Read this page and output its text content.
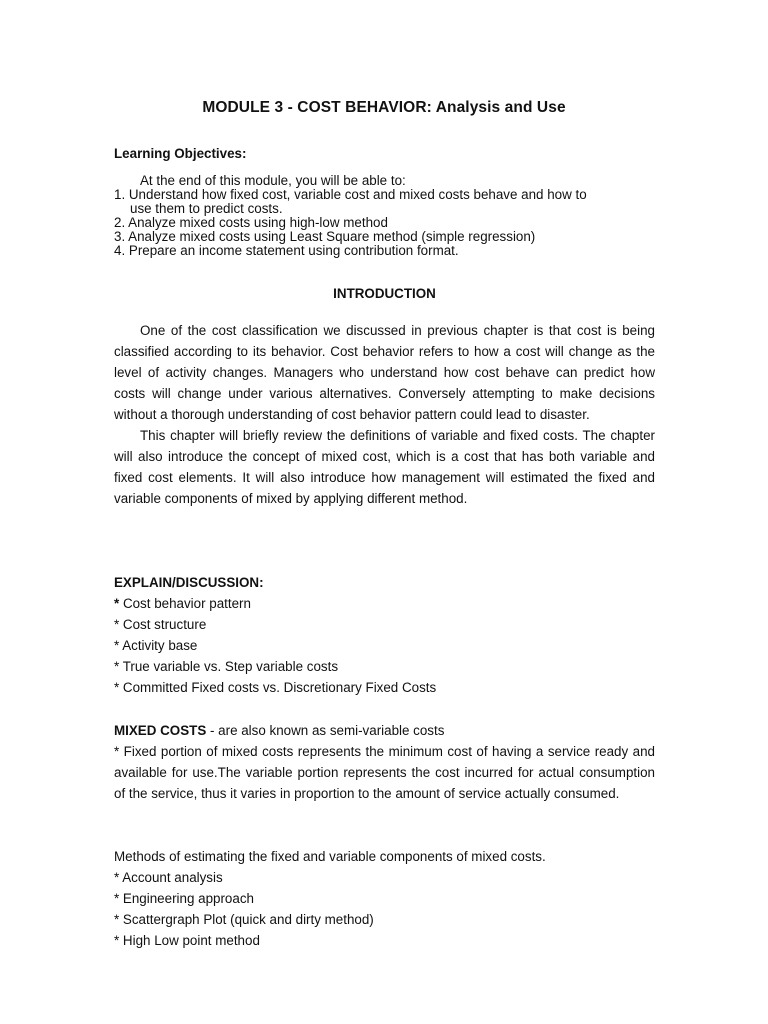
MODULE 3 - COST BEHAVIOR: Analysis and Use
Learning Objectives:
At the end of this module, you will be able to:
1. Understand how fixed cost, variable cost and mixed costs behave and how to
use them to predict costs.
2. Analyze mixed costs using high-low method
3. Analyze mixed costs using Least Square method (simple regression)
4. Prepare an income statement using contribution format.
INTRODUCTION

One of the cost classification we discussed in previous chapter is that cost is being classified according to its behavior. Cost behavior refers to how a cost will change as the level of activity changes. Managers who understand how cost behave can predict how costs will change under various alternatives. Conversely attempting to make decisions without a thorough understanding of cost behavior pattern could lead to disaster.

This chapter will briefly review the definitions of variable and fixed costs. The chapter will also introduce the concept of mixed cost, which is a cost that has both variable and fixed cost elements. It will also introduce how management will estimated the fixed and variable components of mixed by applying different method.

EXPLAIN/DISCUSSION:
* Cost behavior pattern
* Cost structure
* Activity base
* True variable vs. Step variable costs
* Committed Fixed costs vs. Discretionary Fixed Costs
MIXED COSTS - are also known as semi-variable costs

* Fixed portion of mixed costs represents the minimum cost of having a service ready and available for use.The variable portion represents the cost incurred for actual consumption of the service, thus it varies in proportion to the amount of service actually consumed.

Methods of estimating the fixed and variable components of mixed costs.
* Account analysis
* Engineering approach
* Scattergraph Plot (quick and dirty method)
* High Low point method
